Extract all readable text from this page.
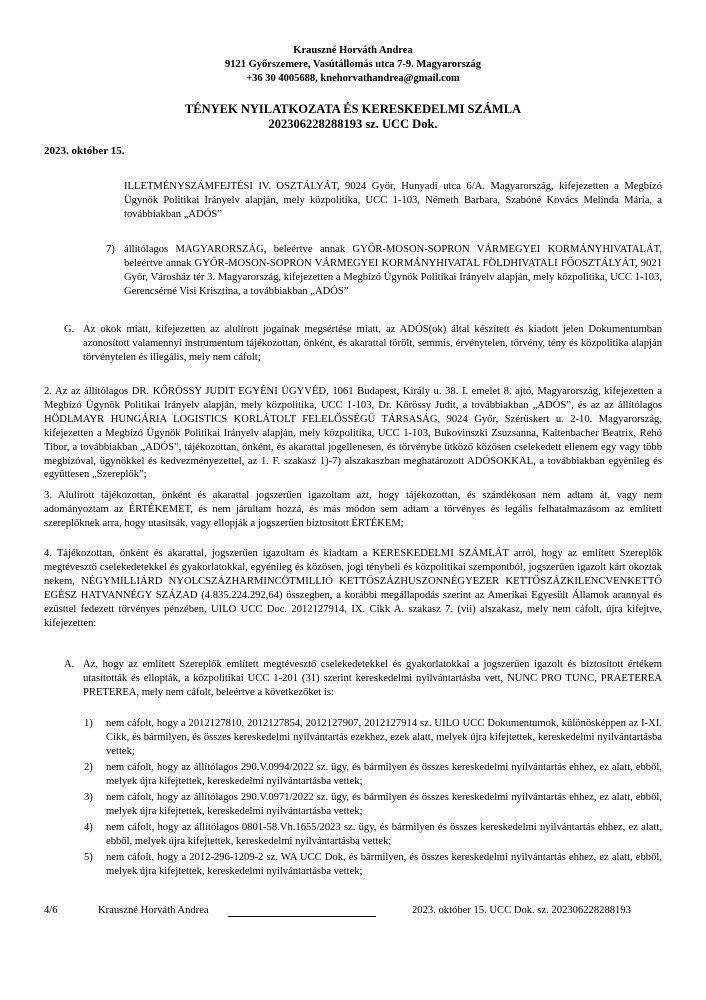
Krauszné Horváth Andrea
9121 Győrszemere, Vasútállomás utca 7-9. Magyarország
+36 30 4005688, knehorvathandrea@gmail.com
TÉNYEK NYILATKOZATA ÉS KERESKEDELMI SZÁMLA
202306228288193 sz. UCC Dok.
2023. október 15.
ILLETMÉNYSZÁMFEJTÉSI IV. OSZTÁLYÁT, 9024 Győr, Hunyadi utca 6/A. Magyarország, kifejezetten a Megbízó Ügynök Politikai Irányelv alapján, mely közpolitika, UCC 1-103, Németh Barbara, Szabóné Kovács Melinda Mária, a továbbiakban „ADÓS”
7) állítólagos MAGYARORSZÁG, beleértve annak GYŐR-MOSON-SOPRON VÁRMEGYEI KORMÁNYHIVATALÁT, beleértve annak GYŐR-MOSON-SOPRON VÁRMEGYEI KORMÁNYHIVATAL FÖLDHIVATALI FŐOSZTÁLYÁT, 9021 Győr, Városház tér 3. Magyarország, kifejezetten a Megbízó Ügynök Politikai Irányelv alapján, mely közpolitika, UCC 1-103, Gerencsérné Visi Krisztina, a továbbiakban „ADÓS”
G. Az okok miatt, kifejezetten az alulírott jogainak megsértése miatt, az ADÓS(ok) által készített és kiadott jelen Dokumentumban azonosított valamennyi instrumentum tájékozottan, önként, és akarattal törölt, semmis, érvénytelen, törvény, tény és közpolitika alapján törvénytelen és illegális, mely nem cáfolt;
2. Az az állítólagos DR. KŐRÖSSY JUDIT EGYÉNI ÜGYVÉD, 1061 Budapest, Király u. 38. I. emelet 8. ajtó, Magyarország, kifejezetten a Megbízó Ügynök Politikai Irányelv alapján, mely közpolitika, UCC 1-103, Dr. Kőrössy Judit, a továbbiakban „ADÓS”, és az az állítólagos HÖDLMAYR HUNGÁRIA LOGISTICS KORLÁTOLT FELELŐSSÉGŰ TÁRSASÁG, 9024 Győr, Szérűskert u. 2-10. Magyarország, kifejezetten a Megbízó Ügynök Politikai Irányelv alapján, mely közpolitika, UCC 1-103, Bukovinszki Zsuzsanna, Kaltenbacher Beatrix, Rehó Tibor, a továbbiakban „ADÓS”, tájékozottan, önként, és akarattal jogellenesen, és törvénybe ütköző közösen cselekedett ellenem egy vagy több megbízóval, ügynökkel és kedvezményezettel, az 1. F. szakasz 1)-7) alszakaszban meghatározott ADÓSOKKAL, a továbbiakban egyénileg és együttesen „Szereplők”;
3. Alulírott tájékozottan, önként és akarattal jogszerűen igazoltam azt, hogy tájékozottan, és szándékosan nem adtam át, vagy nem adományoztam az ÉRTÉKEMET, és nem járultam hozzá, és más módon sem adtam a törvényes és legális felhatalmazásom az említett szereplőknek arra, hogy utasítsák, vagy ellopják a jogszerűen biztosított ÉRTÉKEM;
4. Tájékozottan, önként és akarattal, jogszerűen igazoltam és kiadtam a KERESKEDELMI SZÁMLÁT arról, hogy az említett Szereplők megtévesztő cselekedetekkel és gyakorlatokkal, egyénileg és közösen, jogi ténybeli és közpolitikai szempontból, jogszerűen igazolt kárt okoztak nekem, NÉGYMILLIÁRD NYOLCSZÁZHARMINCÖTMILLIÓ KETTŐSZÁZHUSZONNÉGYEZER KETTŐSZÁZKILENCVENKETTŐ EGÉSZ HATVANNÉGY SZÁZAD (4.835.224.292,64) összegben, a korábbi megállapodás szerint az Amerikai Egyesült Államok arannyal és ezüsttel fedezett törvényes pénzében, UILO UCC Doc. 2012127914, IX. Cikk A. szakasz 7. (vii) alszakasz, mely nem cáfolt, újra kifejtve, kifejezetten:
A. Az, hogy az említett Szereplők említett megtévesztő cselekedetekkel és gyakorlatokkal a jogszerűen igazolt és biztosított értékem utasították és ellopták, a közpolitikai UCC 1-201 (31) szerint kereskedelmi nyilvántartásba vett, NUNC PRO TUNC, PRAETEREA PRETEREA, mely nem cáfolt, beleértve a következőket is:
1) nem cáfolt, hogy a 2012127810, 2012127854, 2012127907, 2012127914 sz. UILO UCC Dokumentumok, különösképpen az I-XI. Cikk, és bármilyen, és összes kereskedelmi nyilvántartás ezekhez, ezek alatt, melyek újra kifejtettek, kereskedelmi nyilvántartásba vettek;
2) nem cáfolt, hogy az állítólagos 290.V.0994/2022 sz. ügy, és bármilyen és összes kereskedelmi nyilvántartás ehhez, ez alatt, ebből, melyek újra kifejtettek, kereskedelmi nyilvántartásba vettek;
3) nem cáfolt, hogy az állítólagos 290.V.0971/2022 sz. ügy, és bármilyen és összes kereskedelmi nyilvántartás ehhez, ez alatt, ebből, melyek újra kifejtettek, kereskedelmi nyilvántartásba vettek;
4) nem cáfolt, hogy az állítólagos 0801-58.Vh.1655/2023 sz. ügy, és bármilyen és összes kereskedelmi nyilvántartás ehhez, ez alatt, ebből, melyek újra kifejtettek, kereskedelmi nyilvántartásba vettek;
5) nem cáfolt, hogy a 2012-296-1209-2 sz. WA UCC Dok, és bármilyen, és összes kereskedelmi nyilvántartás ehhez, ez alatt, ebből, melyek újra kifejtettek, kereskedelmi nyilvántartásba vettek;
4/6	Krauszné Horváth Andrea	2023. október 15. UCC Dok. sz. 202306228288193
